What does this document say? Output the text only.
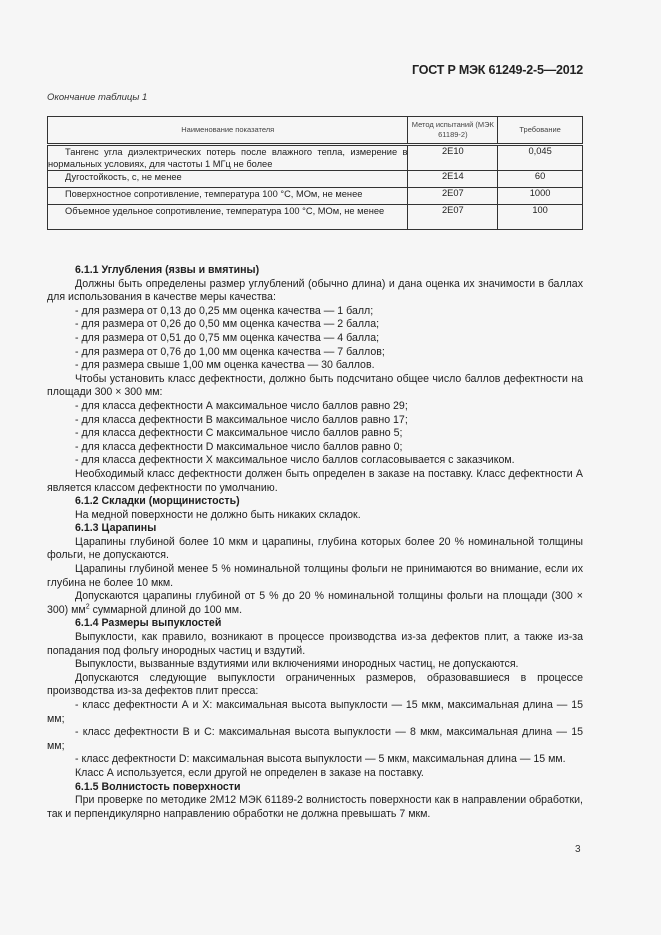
ГОСТ Р МЭК 61249-2-5—2012
Окончание таблицы 1
Наименование показателя	Метод испытаний (МЭК 61189-2)	Требование
Тангенс угла диэлектрических потерь после влажного тепла, измерение в нормальных условиях, для частоты 1 МГц не более	2E10	0,045
Дугостойкость, с, не менее	2E14	60
Поверхностное сопротивление, температура 100 °С, МОм, не менее	2E07	1000
Объемное удельное сопротивление, температура 100 °С, МОм, не менее	2E07	100
6.1.1 Углубления (язвы и вмятины)

Должны быть определены размер углублений (обычно длина) и дана оценка их значимости в баллах для использования в качестве меры качества:

- для размера от 0,13 до 0,25 мм оценка качества — 1 балл;

- для размера от 0,26 до 0,50 мм оценка качества — 2 балла;

- для размера от 0,51 до 0,75 мм оценка качества — 4 балла;

- для размера от 0,76 до 1,00 мм оценка качества — 7 баллов;

- для размера свыше 1,00 мм оценка качества — 30 баллов.

Чтобы установить класс дефектности, должно быть подсчитано общее число баллов дефектности на площади 300 × 300 мм:

- для класса дефектности А максимальное число баллов равно 29;

- для класса дефектности В максимальное число баллов равно 17;

- для класса дефектности С максимальное число баллов равно 5;

- для класса дефектности D максимальное число баллов равно 0;

- для класса дефектности X максимальное число баллов согласовывается с заказчиком.

Необходимый класс дефектности должен быть определен в заказе на поставку. Класс дефектности А является классом дефектности по умолчанию.

6.1.2 Складки (морщинистость)

На медной поверхности не должно быть никаких складок.

6.1.3 Царапины

Царапины глубиной более 10 мкм и царапины, глубина которых более 20 % номинальной толщины фольги, не допускаются.

Царапины глубиной менее 5 % номинальной толщины фольги не принимаются во внимание, если их глубина не более 10 мкм.

Допускаются царапины глубиной от 5 % до 20 % номинальной толщины фольги на площади (300 × 300) $мм^2$ суммарной длиной до 100 мм.

6.1.4 Размеры выпуклостей

Выпуклости, как правило, возникают в процессе производства из-за дефектов плит, а также из-за попадания под фольгу инородных частиц и вздутий.

Выпуклости, вызванные вздутиями или включениями инородных частиц, не допускаются.

Допускаются следующие выпуклости ограниченных размеров, образовавшиеся в процессе производства из-за дефектов плит пресса:

- класс дефектности А и X: максимальная высота выпуклости — 15 мкм, максимальная длина — 15 мм;

- класс дефектности В и С: максимальная высота выпуклости — 8 мкм, максимальная длина — 15 мм;

- класс дефектности D: максимальная высота выпуклости — 5 мкм, максимальная длина — 15 мм.

Класс А используется, если другой не определен в заказе на поставку.

6.1.5 Волнистость поверхности

При проверке по методике 2М12 МЭК 61189-2 волнистость поверхности как в направлении обработки, так и перпендикулярно направлению обработки не должна превышать 7 мкм.

3
